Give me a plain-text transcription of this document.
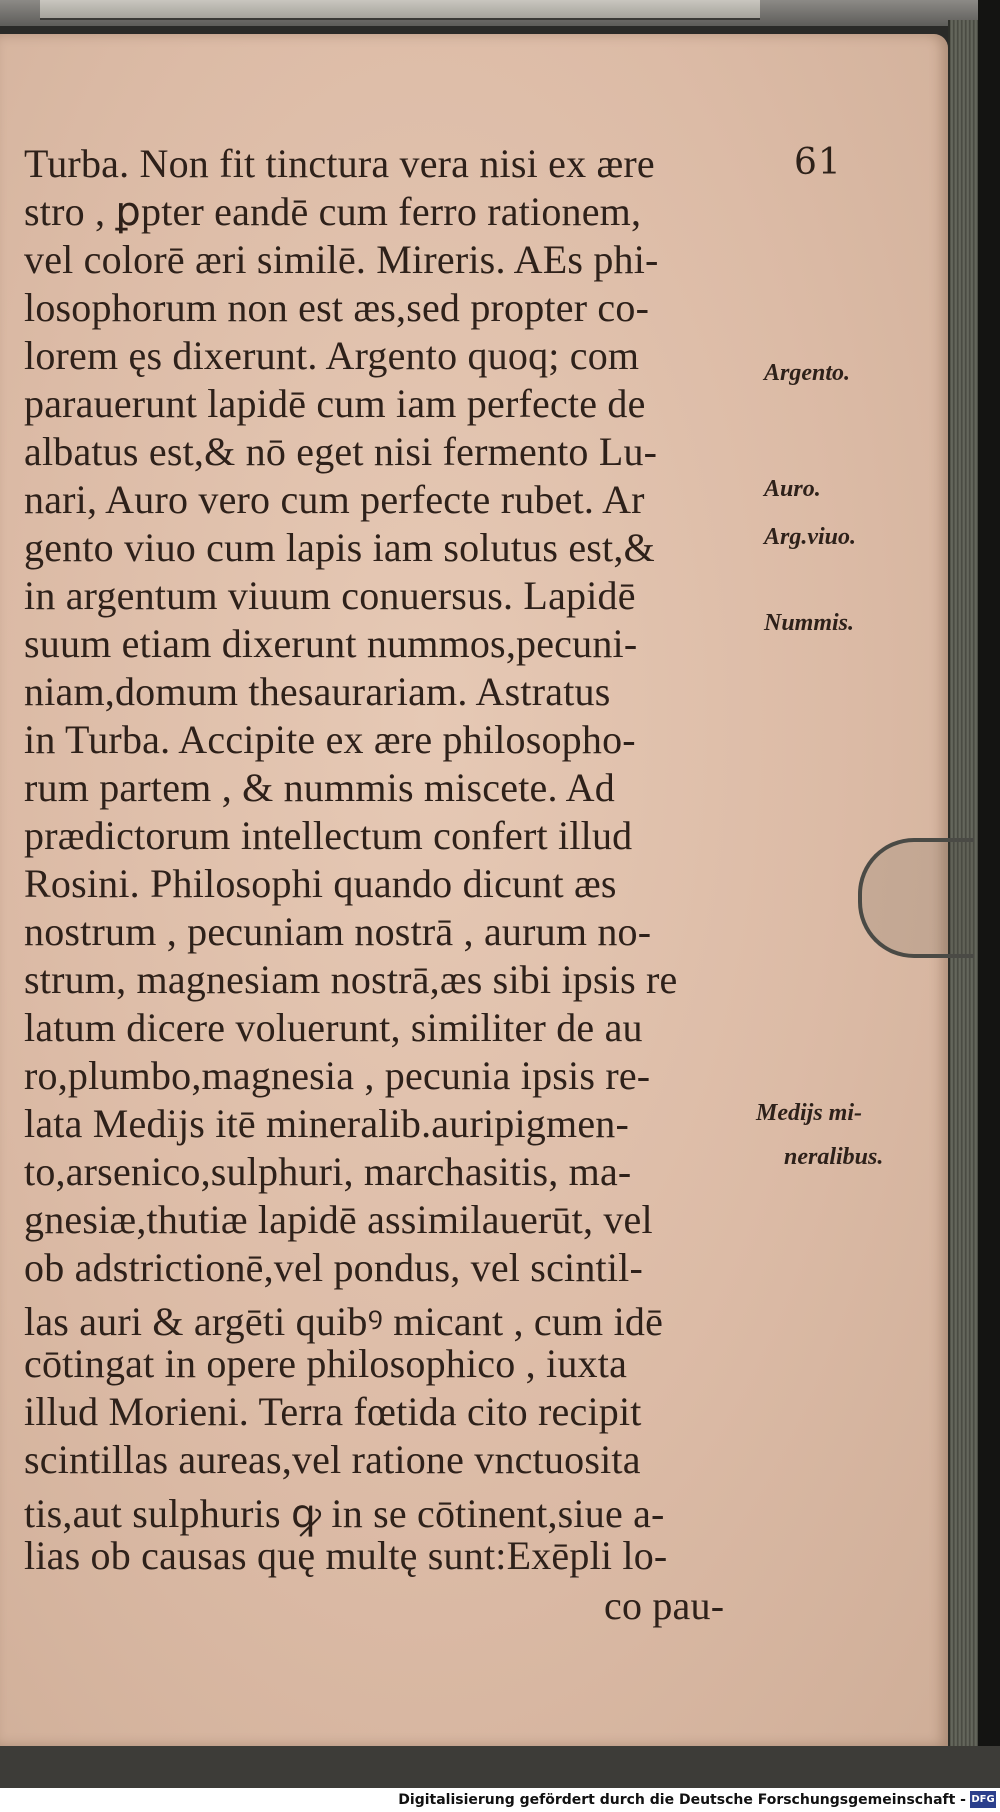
61
Turba. Non fit tinctura vera nisi ex ære
stro , ꝑpter eandē cum ferro rationem,
vel colorē æri similē. Mireris. AEs phi-
losophorum non est æs,sed propter co-
lorem ęs dixerunt. Argento quoq; com
parauerunt lapidē cum iam perfecte de
albatus est,& nō eget nisi fermento Lu-
nari, Auro vero cum perfecte rubet. Ar
gento viuo cum lapis iam solutus est,&
in argentum viuum conuersus. Lapidē
suum etiam dixerunt nummos,pecuni-
niam,domum thesaurariam. Astratus
in Turba. Accipite ex ære philosopho-
rum partem , & nummis miscete. Ad
prædictorum intellectum confert illud
Rosini. Philosophi quando dicunt æs
nostrum , pecuniam nostrā , aurum no-
strum, magnesiam nostrā,æs sibi ipsis re
latum dicere voluerunt, similiter de au
ro,plumbo,magnesia , pecunia ipsis re-
lata Medijs itē mineralib.auripigmen-
to,arsenico,sulphuri, marchasitis, ma-
gnesiæ,thutiæ lapidē assimilauerūt, vel
ob adstrictionē,vel pondus, vel scintil-
las auri & argēti quibꝰ micant , cum idē
cōtingat in opere philosophico , iuxta
illud Morieni. Terra fœtida cito recipit
scintillas aureas,vel ratione vnctuosita
tis,aut sulphuris ꝙ in se cōtinent,siue a-
lias ob causas quę multę sunt:Exēpli lo-
co pau-
Argento.
Auro.
Arg.viuo.
Nummis.
Medijs mi-
neralibus.
Digitalisierung gefördert durch die Deutsche Forschungsgemeinschaft - DFG
